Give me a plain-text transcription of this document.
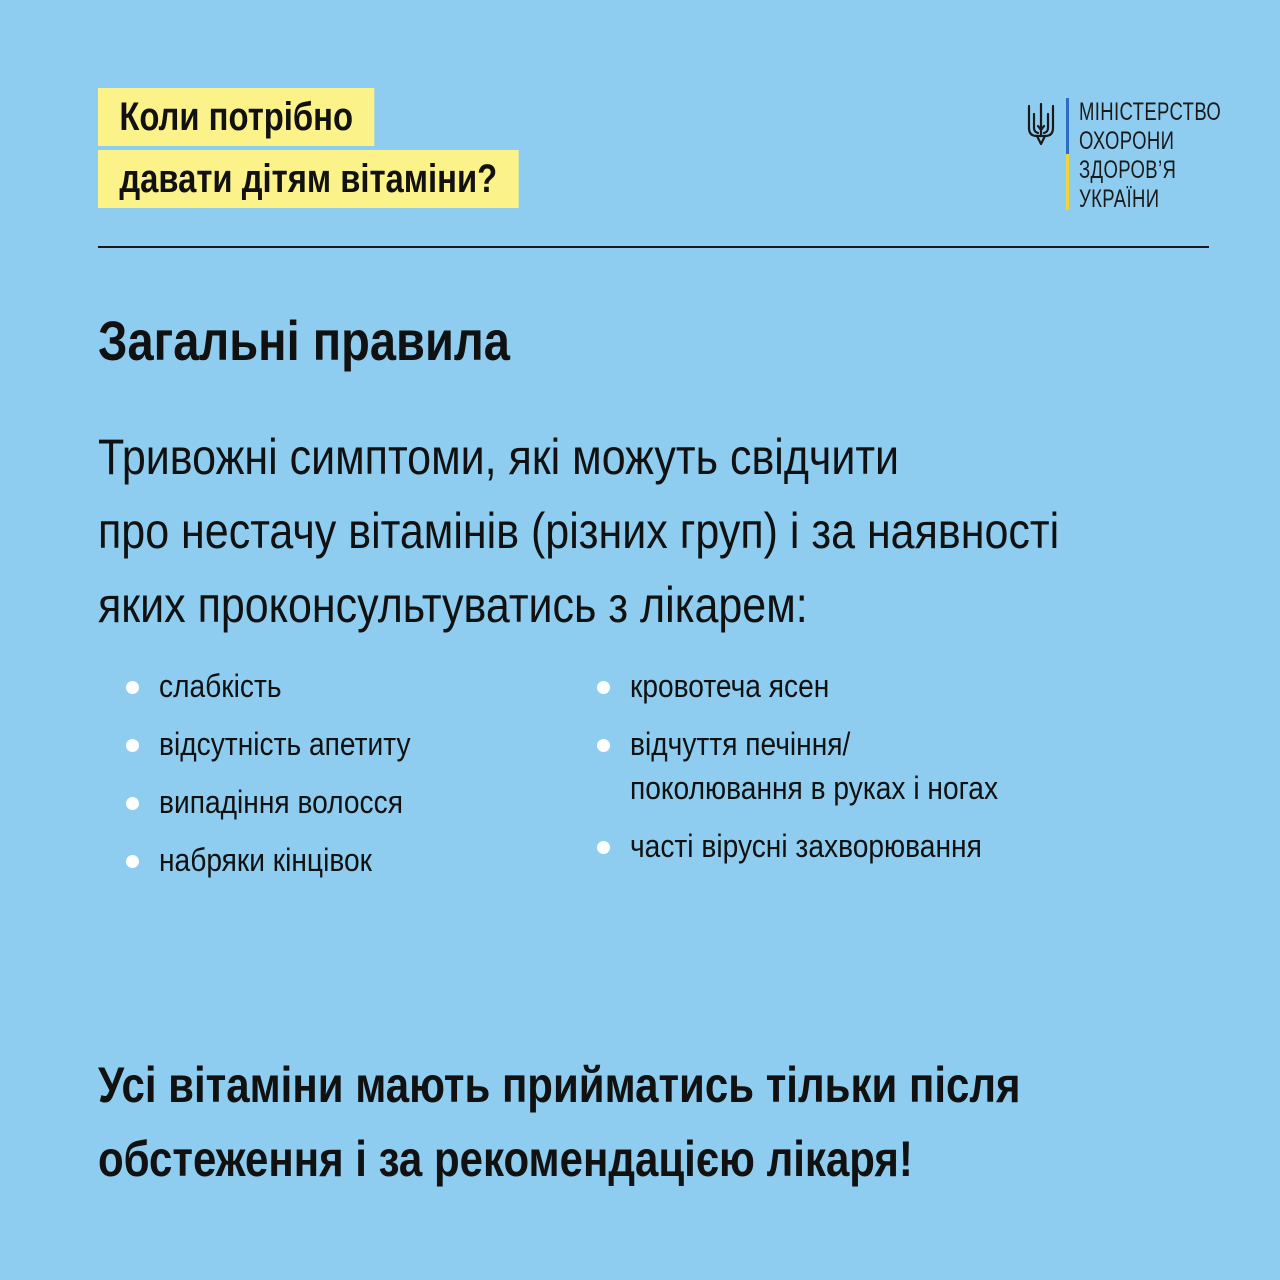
Коли потрібно
давати дітям вітаміни?
МІНІСТЕРСТВО
ОХОРОНИ
ЗДОРОВ’Я
УКРАЇНИ
Загальні правила

Тривожні симптоми, які можуть свідчити
про нестачу вітамінів (різних груп) і за наявності
яких проконсультуватись з лікарем:

слабкість
відсутність апетиту
випадіння волосся
набряки кінцівок
кровотеча ясен
відчуття печіння/
поколювання в руках і ногах
часті вірусні захворювання

Усі вітаміни мають прийматись тільки після
обстеження і за рекомендацією лікаря!
